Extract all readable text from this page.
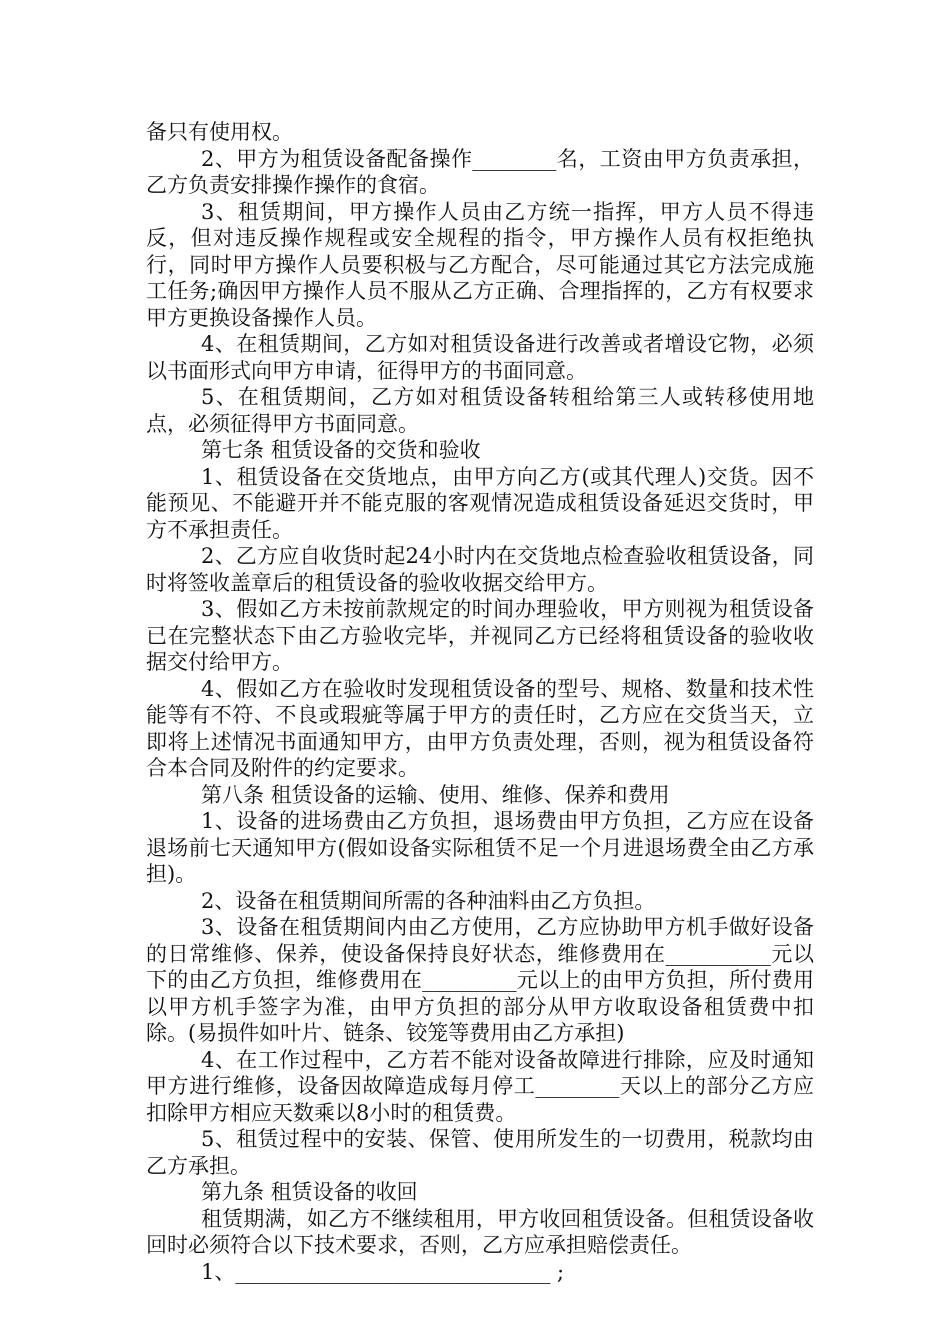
备只有使用权。

2、甲方为租赁设备配备操作________名，工资由甲方负责承担，乙方负责安排操作操作的食宿。

3、租赁期间，甲方操作人员由乙方统一指挥，甲方人员不得违反，但对违反操作规程或安全规程的指令，甲方操作人员有权拒绝执行，同时甲方操作人员要积极与乙方配合，尽可能通过其它方法完成施工任务;确因甲方操作人员不服从乙方正确、合理指挥的，乙方有权要求甲方更换设备操作人员。

4、在租赁期间，乙方如对租赁设备进行改善或者增设它物，必须以书面形式向甲方申请，征得甲方的书面同意。

5、在租赁期间，乙方如对租赁设备转租给第三人或转移使用地点，必须征得甲方书面同意。

第七条 租赁设备的交货和验收

1、租赁设备在交货地点，由甲方向乙方(或其代理人)交货。因不能预见、不能避开并不能克服的客观情况造成租赁设备延迟交货时，甲方不承担责任。

2、乙方应自收货时起24小时内在交货地点检查验收租赁设备，同时将签收盖章后的租赁设备的验收收据交给甲方。

3、假如乙方未按前款规定的时间办理验收，甲方则视为租赁设备已在完整状态下由乙方验收完毕，并视同乙方已经将租赁设备的验收收据交付给甲方。

4、假如乙方在验收时发现租赁设备的型号、规格、数量和技术性能等有不符、不良或瑕疵等属于甲方的责任时，乙方应在交货当天，立即将上述情况书面通知甲方，由甲方负责处理，否则，视为租赁设备符合本合同及附件的约定要求。

第八条 租赁设备的运输、使用、维修、保养和费用

1、设备的进场费由乙方负担，退场费由甲方负担，乙方应在设备退场前七天通知甲方(假如设备实际租赁不足一个月进退场费全由乙方承担)。

2、设备在租赁期间所需的各种油料由乙方负担。

3、设备在租赁期间内由乙方使用，乙方应协助甲方机手做好设备的日常维修、保养，使设备保持良好状态，维修费用在__________元以下的由乙方负担，维修费用在_________元以上的由甲方负担，所付费用以甲方机手签字为准，由甲方负担的部分从甲方收取设备租赁费中扣除。(易损件如叶片、链条、铰笼等费用由乙方承担)

4、在工作过程中，乙方若不能对设备故障进行排除，应及时通知甲方进行维修，设备因故障造成每月停工________天以上的部分乙方应扣除甲方相应天数乘以8小时的租赁费。

5、租赁过程中的安装、保管、使用所发生的一切费用，税款均由乙方承担。

第九条 租赁设备的收回

租赁期满，如乙方不继续租用，甲方收回租赁设备。但租赁设备收回时必须符合以下技术要求，否则，乙方应承担赔偿责任。

1、______________________________ ;
